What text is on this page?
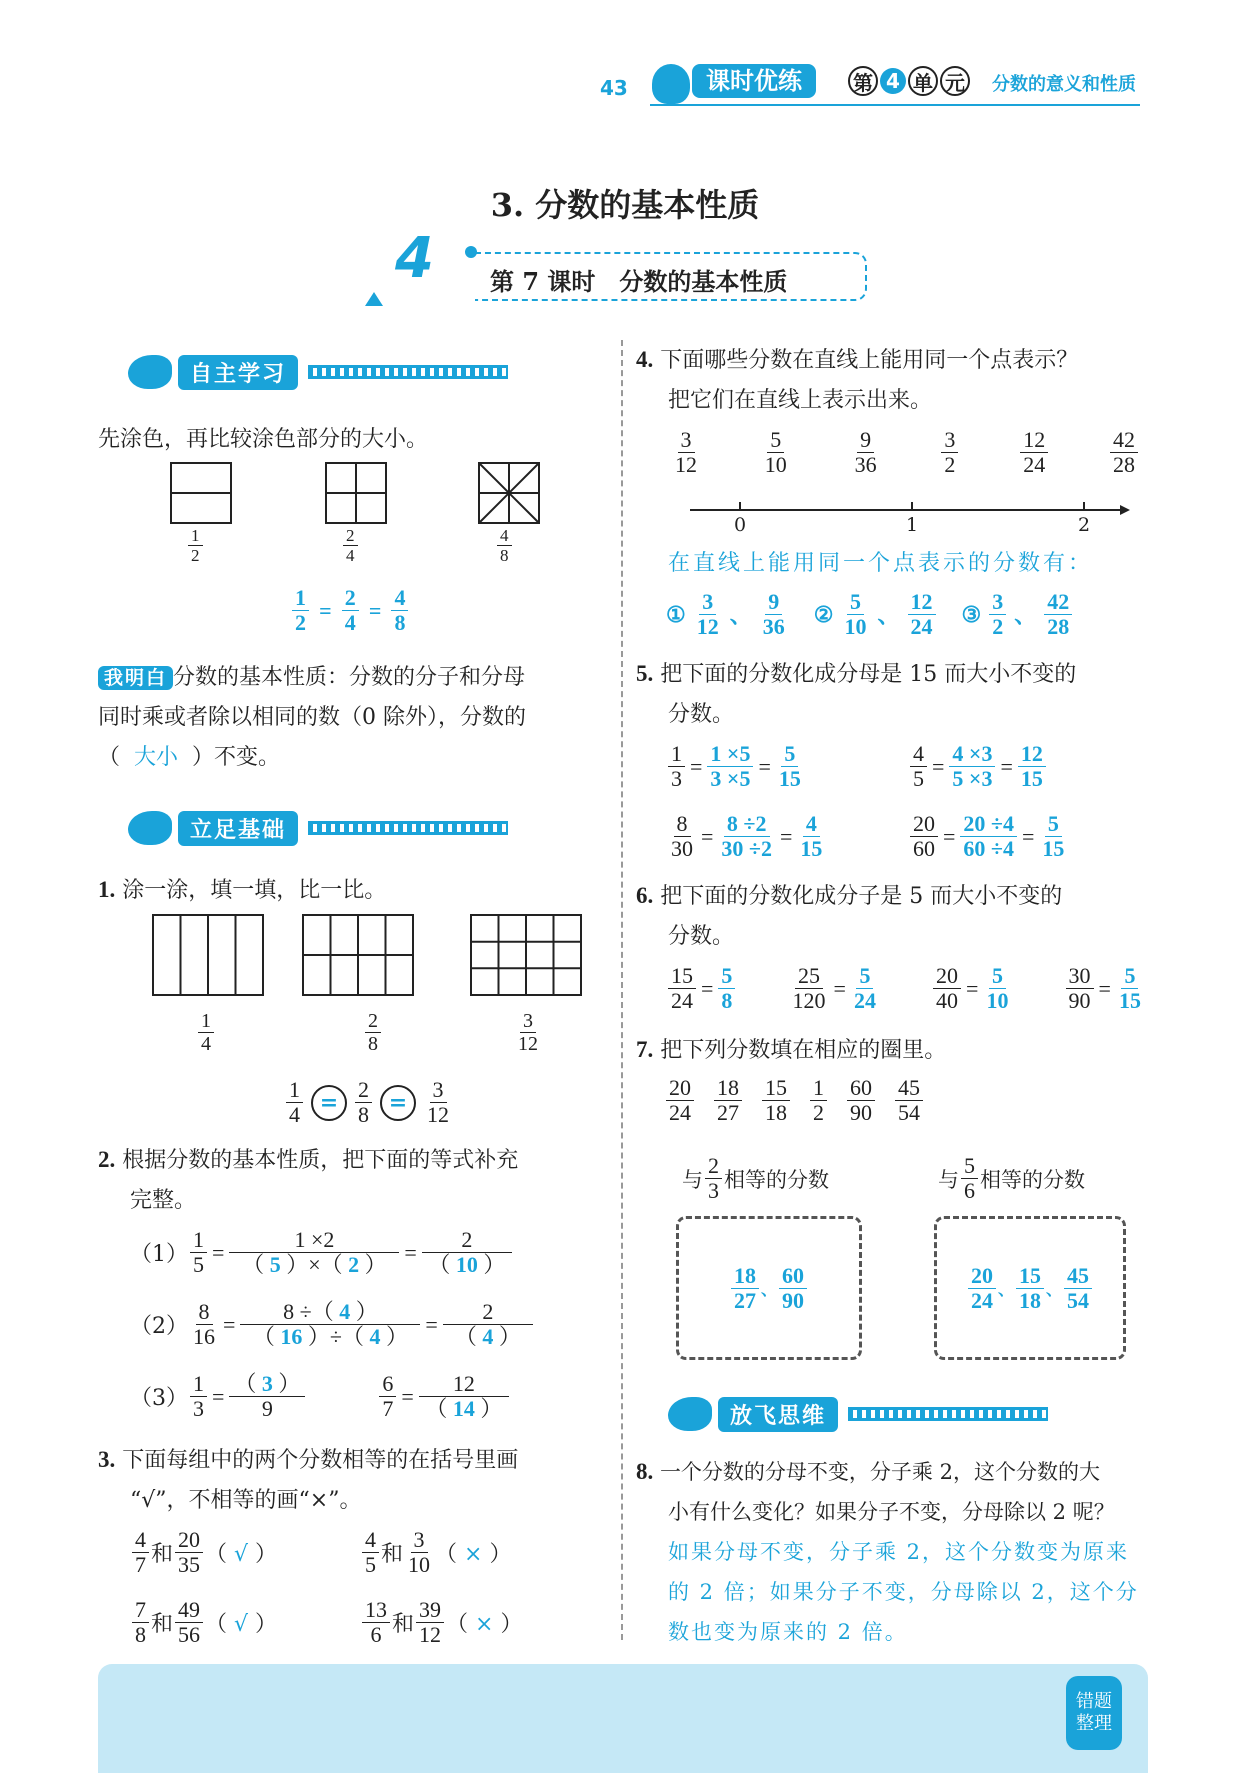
43	课时优练	第 4 单 元 分数的意义和性质
3. 分数的基本性质
4 第 7 课时　分数的基本性质
自主学习
先涂色，再比较涂色部分的大小。
$\frac{1}{2}$	$\frac{2}{4}$	$\frac{4}{8}$
$\frac{1}{2} = \frac{2}{4} = \frac{4}{8}$
我明白 分数的基本性质：分数的分子和分母
同时乘或者除以相同的数（0 除外），分数的
（ 大小 ）不变。
立足基础
1. 涂一涂，填一填，比一比。
$\frac{1}{4}$	$\frac{2}{8}$	$\frac{3}{12}$
$\frac{1}{4} = \frac{2}{8} = \frac{3}{12}$
2. 根据分数的基本性质，把下面的等式补充
完整。
$(1) \frac{1}{5} = \frac{1 \times 2}{( 5 )\times( 2 )} = \frac{2}{( 10 )}$
$(2) \frac{8}{16} = \frac{8 \div( 4 )}{( 16 )\div( 4 )} = \frac{2}{( 4 )}$
$(3) \frac{1}{3} = \frac{( 3 )}{9}$	$\frac{6}{7} = \frac{12}{( 14 )}$
3. 下面每组中的两个分数相等的在括号里画
“√”，不相等的画“×”。
$\frac{4}{7}$ 和 $\frac{20}{35}$ （ √ ）	$\frac{4}{5}$ 和 $\frac{3}{10}$ （ × ）
$\frac{7}{8}$ 和 $\frac{49}{56}$ （ √ ）	$\frac{13}{6}$ 和 $\frac{39}{12}$ （ × ）
4. 下面哪些分数在直线上能用同一个点表示？
把它们在直线上表示出来。
$\frac{3}{12}$	$\frac{5}{10}$	$\frac{9}{36}$	$\frac{3}{2}$	$\frac{12}{24}$	$\frac{42}{28}$
0	1	2
在直线上能用同一个点表示的分数有：
① $\frac{3}{12}$ 、 $\frac{9}{36}$ ② $\frac{5}{10}$ 、 $\frac{12}{24}$ ③ $\frac{3}{2}$ 、 $\frac{42}{28}$
5. 把下面的分数化成分母是 15 而大小不变的
分数。
$\frac{1}{3} = \frac{1 \times 5}{3 \times 5} = \frac{5}{15}$	$\frac{4}{5} = \frac{4 \times 3}{5 \times 3} = \frac{12}{15}$
$\frac{8}{30} = \frac{8 \div 2}{30 \div 2} = \frac{4}{15}$	$\frac{20}{60} = \frac{20 \div 4}{60 \div 4} = \frac{5}{15}$
6. 把下面的分数化成分子是 5 而大小不变的
分数。
$\frac{15}{24} = \frac{5}{8} \frac{25}{120} = \frac{5}{24} \frac{20}{40} = \frac{5}{10} \frac{30}{90} = \frac{5}{15}$
7. 把下列分数填在相应的圈里。
$\frac{20}{24} \frac{18}{27} \frac{15}{18} \frac{1}{2} \frac{60}{90} \frac{45}{54}$
与 $\frac{2}{3}$ 相等的分数	与 $\frac{5}{6}$ 相等的分数
$\frac{18}{27}$ 、 $\frac{60}{90}$	$\frac{20}{24}$ 、 $\frac{15}{18}$ 、 $\frac{45}{54}$
放飞思维
8. 一个分数的分母不变，分子乘 2，这个分数的大
小有什么变化？如果分子不变，分母除以 2 呢？
如果分母不变，分子乘 2，这个分数变为原来
的 2 倍；如果分子不变，分母除以 2，这个分
数也变为原来的 2 倍。
错题整理
